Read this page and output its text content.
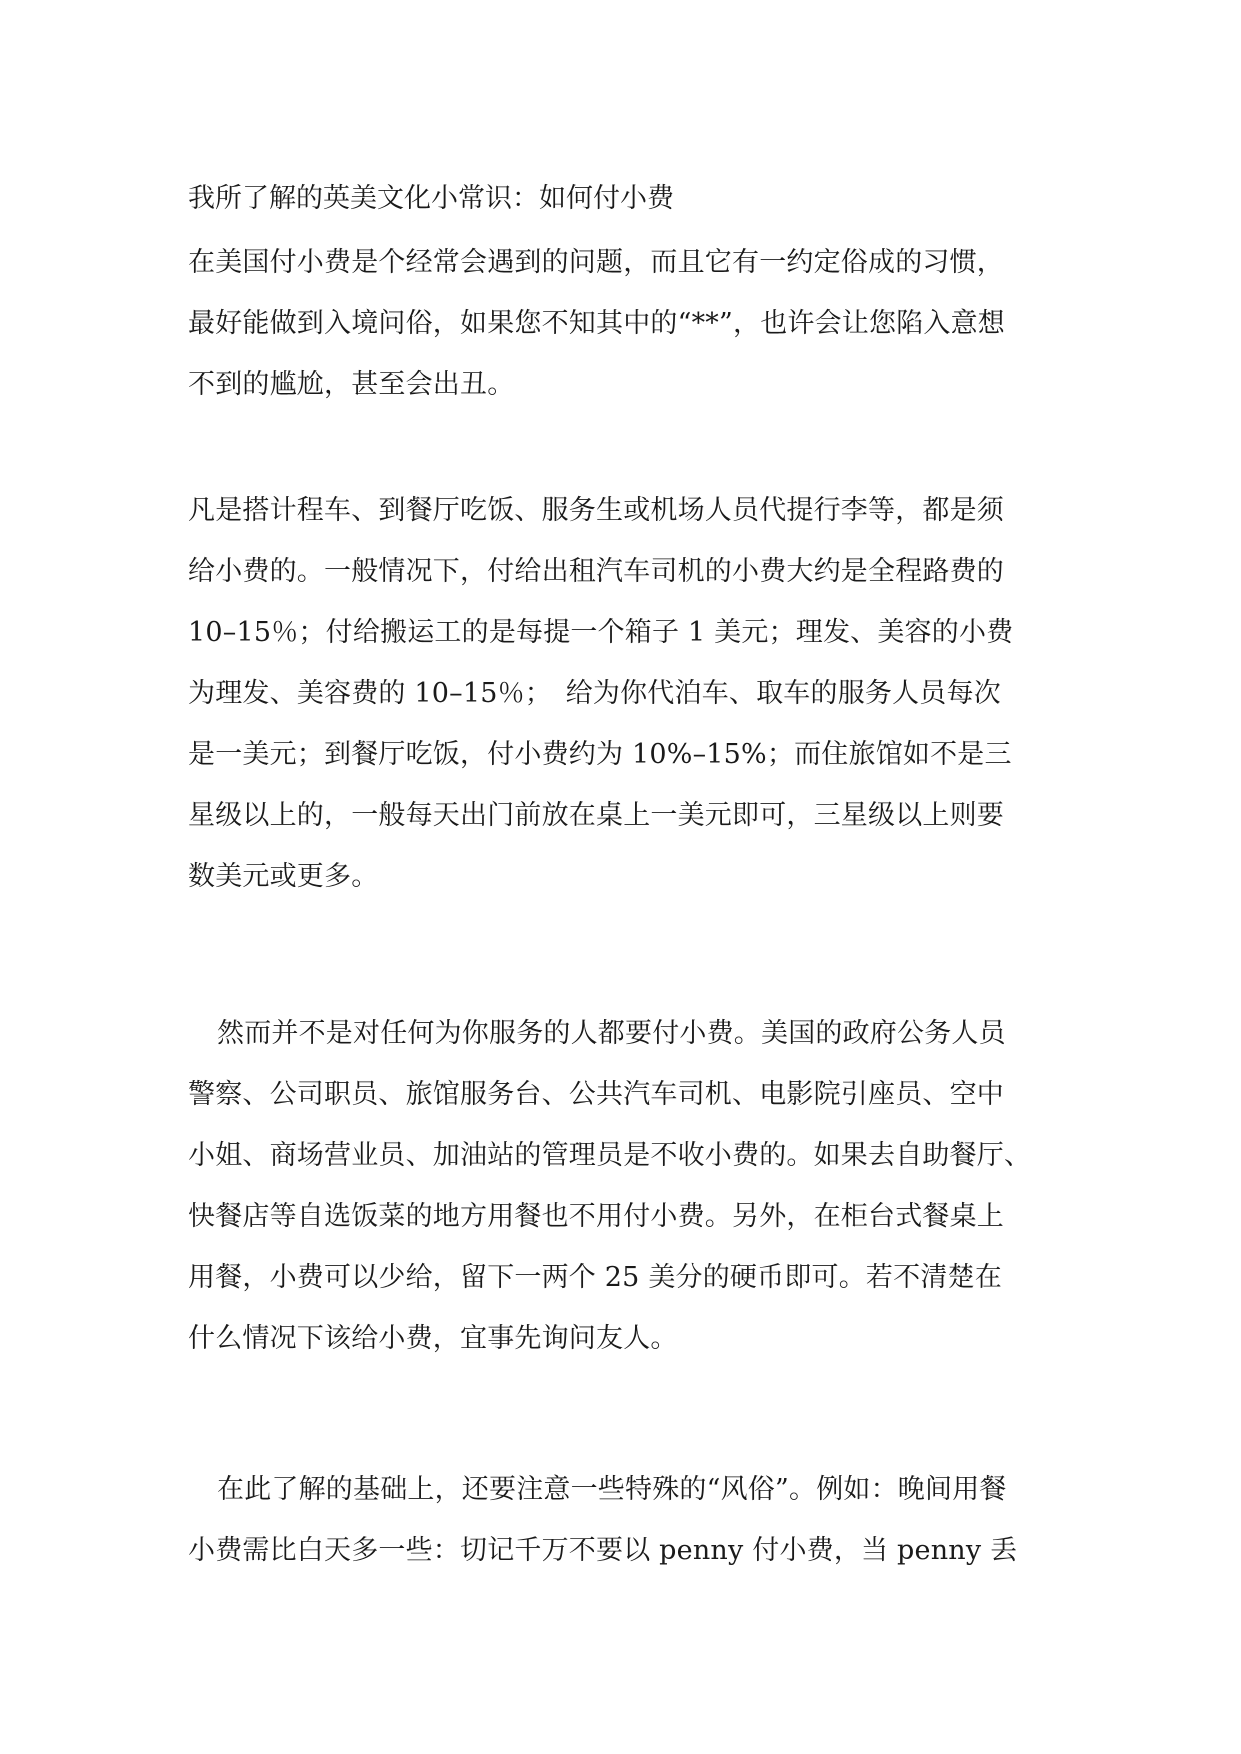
我所了解的英美文化小常识：如何付小费
在美国付小费是个经常会遇到的问题，而且它有一约定俗成的习惯，
最好能做到入境问俗，如果您不知其中的“**”，也许会让您陷入意想
不到的尴尬，甚至会出丑。
凡是搭计程车、到餐厅吃饭、服务生或机场人员代提行李等，都是须
给小费的。一般情况下，付给出租汽车司机的小费大约是全程路费的
10–15％；付给搬运工的是每提一个箱子 1 美元；理发、美容的小费
为理发、美容费的 10–15％；　给为你代泊车、取车的服务人员每次
是一美元；到餐厅吃饭，付小费约为 10%–15%；而住旅馆如不是三
星级以上的，一般每天出门前放在桌上一美元即可，三星级以上则要
数美元或更多。
然而并不是对任何为你服务的人都要付小费。美国的政府公务人员
警察、公司职员、旅馆服务台、公共汽车司机、电影院引座员、空中
小姐、商场营业员、加油站的管理员是不收小费的。如果去自助餐厅、
快餐店等自选饭菜的地方用餐也不用付小费。另外，在柜台式餐桌上
用餐，小费可以少给，留下一两个 25 美分的硬币即可。若不清楚在
什么情况下该给小费，宜事先询问友人。
在此了解的基础上，还要注意一些特殊的“风俗”。例如：晚间用餐
小费需比白天多一些：切记千万不要以 penny 付小费，当 penny 丢
